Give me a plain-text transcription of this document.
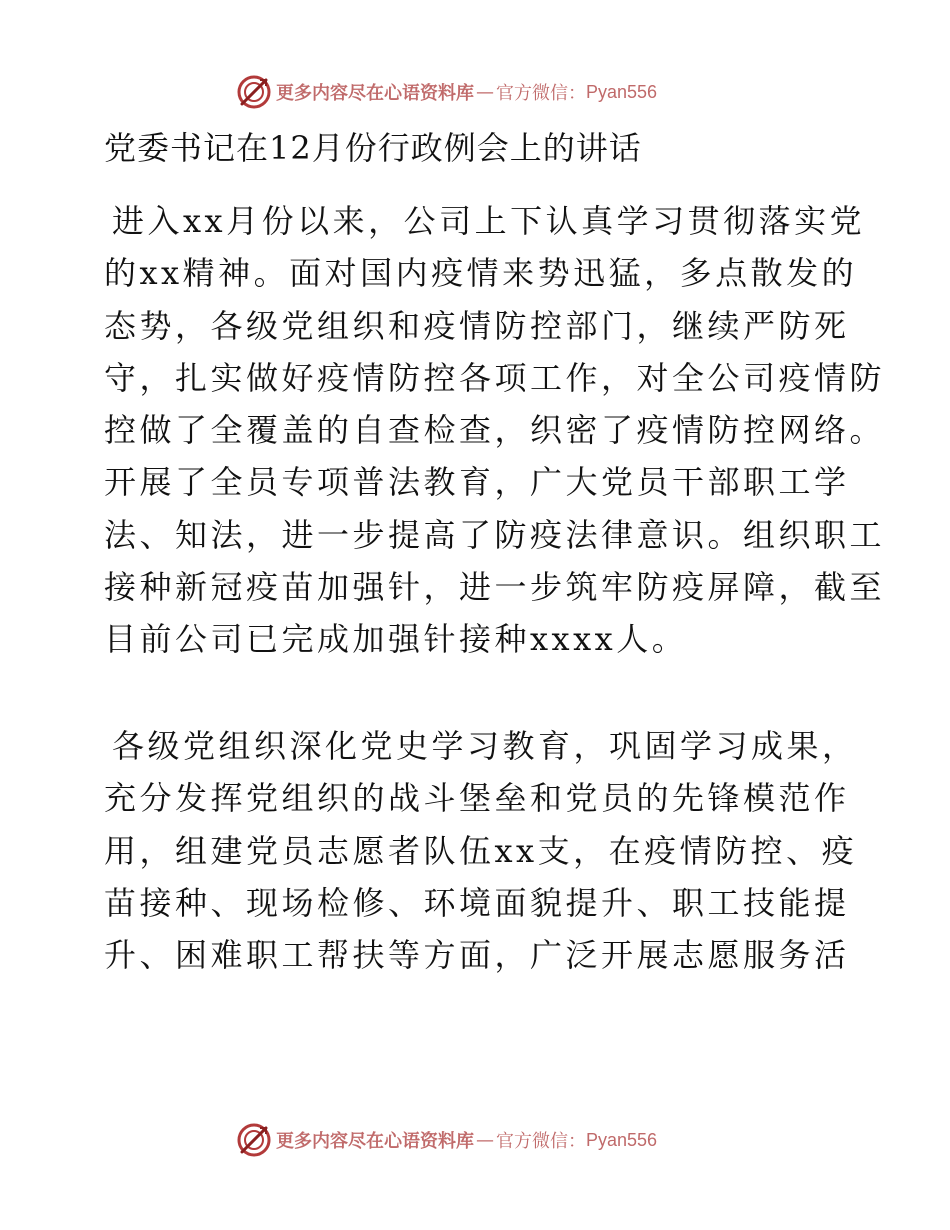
更多内容尽在心语资料库 — 官方微信： Pyan556
党委书记在12月份行政例会上的讲话

进入xx月份以来，公司上下认真学习贯彻落实党
的xx精神。面对国内疫情来势迅猛，多点散发的
态势，各级党组织和疫情防控部门，继续严防死
守，扎实做好疫情防控各项工作，对全公司疫情防
控做了全覆盖的自查检查，织密了疫情防控网络。
开展了全员专项普法教育，广大党员干部职工学
法、知法，进一步提高了防疫法律意识。组织职工
接种新冠疫苗加强针，进一步筑牢防疫屏障，截至
目前公司已完成加强针接种xxxx人。

各级党组织深化党史学习教育，巩固学习成果，
充分发挥党组织的战斗堡垒和党员的先锋模范作
用，组建党员志愿者队伍xx支，在疫情防控、疫
苗接种、现场检修、环境面貌提升、职工技能提
升、困难职工帮扶等方面，广泛开展志愿服务活

更多内容尽在心语资料库 — 官方微信： Pyan556
